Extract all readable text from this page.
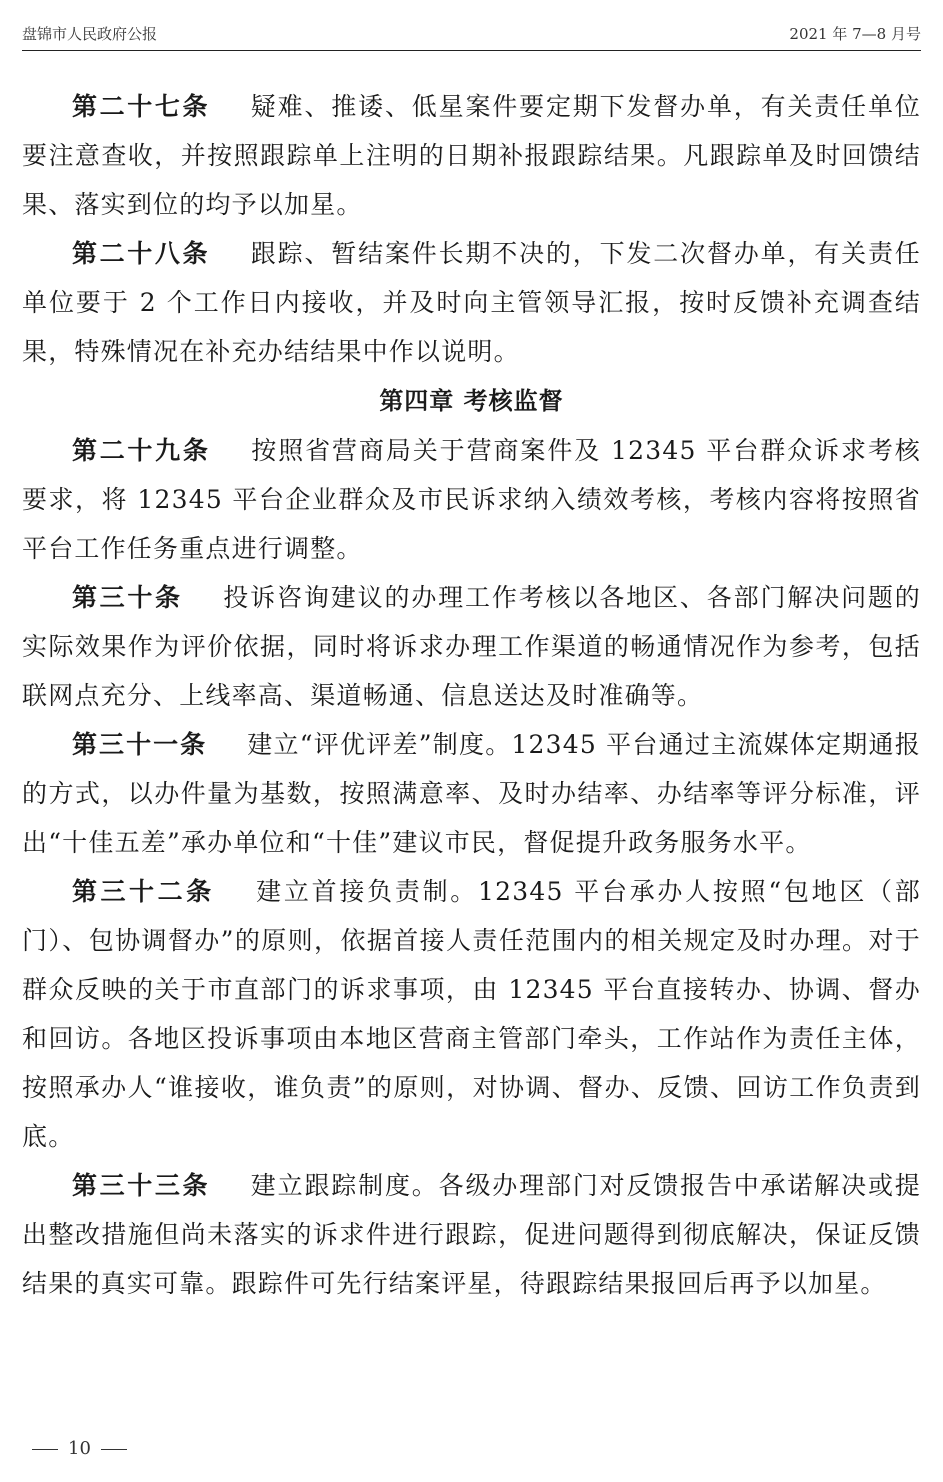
盘锦市人民政府公报	2021 年 7—8 月号

第二十七条 疑难、推诿、低星案件要定期下发督办单，有关责任单位要注意查收，并按照跟踪单上注明的日期补报跟踪结果。凡跟踪单及时回馈结果、落实到位的均予以加星。

第二十八条 跟踪、暂结案件长期不决的，下发二次督办单，有关责任单位要于 2 个工作日内接收，并及时向主管领导汇报，按时反馈补充调查结果，特殊情况在补充办结结果中作以说明。

第四章 考核监督

第二十九条 按照省营商局关于营商案件及 12345 平台群众诉求考核要求，将 12345 平台企业群众及市民诉求纳入绩效考核，考核内容将按照省平台工作任务重点进行调整。

第三十条 投诉咨询建议的办理工作考核以各地区、各部门解决问题的实际效果作为评价依据，同时将诉求办理工作渠道的畅通情况作为参考，包括联网点充分、上线率高、渠道畅通、信息送达及时准确等。

第三十一条 建立“评优评差”制度。12345 平台通过主流媒体定期通报的方式，以办件量为基数，按照满意率、及时办结率、办结率等评分标准，评出“十佳五差”承办单位和“十佳”建议市民，督促提升政务服务水平。

第三十二条 建立首接负责制。12345 平台承办人按照“包地区（部门）、包协调督办”的原则，依据首接人责任范围内的相关规定及时办理。对于群众反映的关于市直部门的诉求事项，由 12345 平台直接转办、协调、督办和回访。各地区投诉事项由本地区营商主管部门牵头，工作站作为责任主体，按照承办人“谁接收，谁负责”的原则，对协调、督办、反馈、回访工作负责到底。

第三十三条 建立跟踪制度。各级办理部门对反馈报告中承诺解决或提出整改措施但尚未落实的诉求件进行跟踪，促进问题得到彻底解决，保证反馈结果的真实可靠。跟踪件可先行结案评星，待跟踪结果报回后再予以加星。

10
